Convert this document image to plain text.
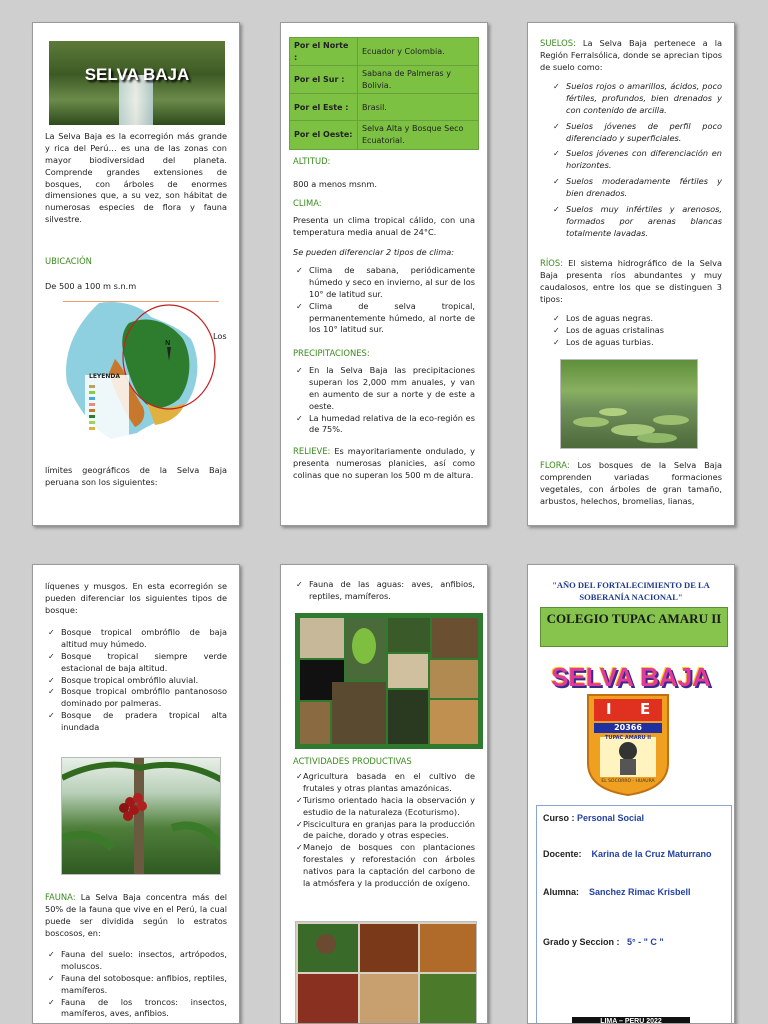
SELVA BAJA

La Selva Baja es la ecorregión más grande y rica del Perú… es una de las zonas con mayor biodiversidad del planeta. Comprende grandes extensiones de bosques, con árboles de enormes dimensiones que, a su vez, son hábitat de numerosas especies de flora y fauna silvestre.

UBICACIÓN

De 500 a 100 m s.n.m

N
LEYENDA

Los

límites geográficos de la Selva Baja peruana son los siguientes:

Por el Norte :	Ecuador y Colombia.
Por el Sur :	Sabana de Palmeras y Bolivia.
Por el Este :	Brasil.
Por el Oeste:	Selva Alta y Bosque Seco Ecuatorial.

ALTITUD:

800 a menos msnm.

CLIMA:

Presenta un clima tropical cálido, con una temperatura media anual de 24°C.

Se pueden diferenciar 2 tipos de clima:

✓ Clima de sabana, periódicamente húmedo y seco en invierno, al sur de los 10° de latitud sur.
✓ Clima de selva tropical, permanentemente húmedo, al norte de los 10° latitud sur.

PRECIPITACIONES:

✓ En la Selva Baja las precipitaciones superan los 2,000 mm anuales, y van en aumento de sur a norte y de este a oeste.
✓ La humedad relativa de la eco-región es de 75%.

RELIEVE: Es mayoritariamente ondulado, y presenta numerosas planicies, así como colinas que no superan los 500 m de altura.

SUELOS: La Selva Baja pertenece a la Región Ferralsólica, donde se aprecian tipos de suelo como:

✓ Suelos rojos o amarillos, ácidos, poco fértiles, profundos, bien drenados y con contenido de arcilla.
✓ Suelos jóvenes de perfil poco diferenciado y superficiales.
✓ Suelos jóvenes con diferenciación en horizontes.
✓ Suelos moderadamente fértiles y bien drenados.
✓ Suelos muy infértiles y arenosos, formados por arenas blancas totalmente lavadas.

RÍOS: El sistema hidrográfico de la Selva Baja presenta ríos abundantes y muy caudalosos, entre los que se distinguen 3 tipos:

✓ Los de aguas negras.
✓ Los de aguas cristalinas
✓ Los de aguas turbias.

FLORA: Los bosques de la Selva Baja comprenden variadas formaciones vegetales, con árboles de gran tamaño, arbustos, helechos, bromelias, lianas,

líquenes y musgos. En esta ecorregión se pueden diferenciar los siguientes tipos de bosque:

✓ Bosque tropical ombrófilo de baja altitud muy húmedo.
✓ Bosque tropical siempre verde estacional de baja altitud.
✓ Bosque tropical ombrófilo aluvial.
✓ Bosque tropical ombrófilo pantanososo dominado por palmeras.
✓ Bosque de pradera tropical alta inundada

FAUNA: La Selva Baja concentra más del 50% de la fauna que vive en el Perú, la cual puede ser dividida según lo estratos boscosos, en:

✓ Fauna del suelo: insectos, artrópodos, moluscos.
✓ Fauna del sotobosque: anfibios, reptiles, mamíferos.
✓ Fauna de los troncos: insectos, mamíferos, aves, anfibios.
✓ Fauna de las aguas: aves, anfibios, reptiles, mamíferos.

ACTIVIDADES PRODUCTIVAS

✓ Agricultura basada en el cultivo de frutales y otras plantas amazónicas.
✓ Turismo orientado hacia la observación y estudio de la naturaleza (Ecoturismo).
✓ Piscicultura en granjas para la producción de paiche, dorado y otras especies.
✓ Manejo de bosques con plantaciones forestales y reforestación con árboles nativos para la captación del carbono de la atmósfera y la producción de oxígeno.

"AÑO DEL FORTALECIMIENTO DE LA SOBERANÍA NACIONAL"

COLEGIO TUPAC AMARU II
SELVA BAJA
I E
20366
TUPAC AMARU II
EL SOCORRO - HUAURA
Curso : Personal Social
Docente: Karina de la Cruz Maturrano
Alumna: Sanchez Rimac Krisbell
Grado y Seccion : 5° - " C "
LIMA – PERU 2022
